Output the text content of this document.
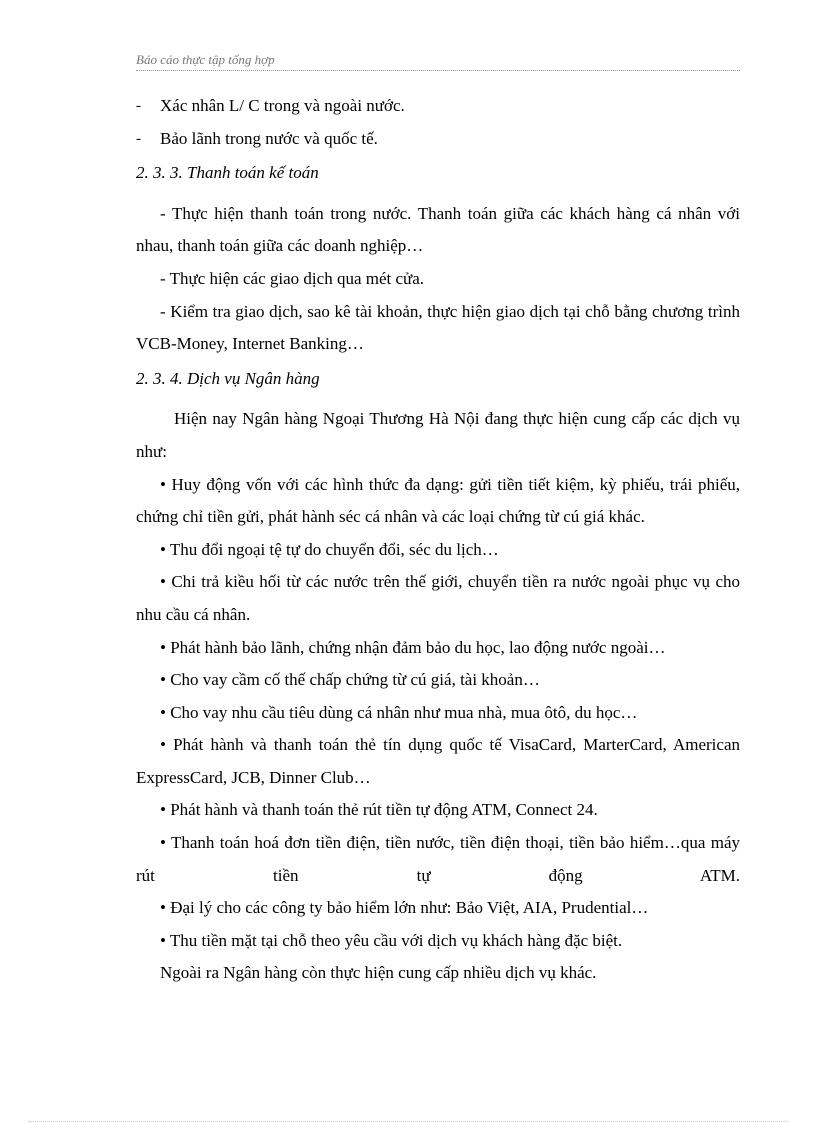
Báo cáo thực tập tổng hợp
- Xác nhân L/ C trong và ngoài nước.
- Bảo lãnh trong nước và quốc tế.
2. 3. 3. Thanh toán kế toán
- Thực hiện thanh toán trong nước. Thanh toán giữa các khách hàng cá nhân với nhau, thanh toán giữa các doanh nghiệp…
- Thực hiện các giao dịch qua mét cửa.
- Kiểm tra giao dịch, sao kê tài khoản, thực hiện giao dịch tại chỗ bằng chương trình VCB-Money, Internet Banking…
2. 3. 4. Dịch vụ Ngân hàng
Hiện nay Ngân hàng Ngoại Thương Hà Nội đang thực hiện cung cấp các dịch vụ như:
• Huy động vốn với các hình thức đa dạng: gửi tiền tiết kiệm, kỳ phiếu, trái phiếu, chứng chỉ tiền gửi, phát hành séc cá nhân và các loại chứng từ cú giá khác.
• Thu đổi ngoại tệ tự do chuyển đổi, séc du lịch…
• Chi trả kiều hối từ các nước trên thế giới, chuyển tiền ra nước ngoài phục vụ cho nhu cầu cá nhân.
• Phát hành bảo lãnh, chứng nhận đảm bảo du học, lao động nước ngoài…
• Cho vay cầm cố thế chấp chứng từ cú giá, tài khoản…
• Cho vay nhu cầu tiêu dùng cá nhân như mua nhà, mua ôtô, du học…
• Phát hành và thanh toán thẻ tín dụng quốc tế VisaCard, MarterCard, American ExpressCard, JCB, Dinner Club…
• Phát hành và thanh toán thẻ rút tiền tự động ATM, Connect 24.
• Thanh toán hoá đơn tiền điện, tiền nước, tiền điện thoại, tiền bảo hiểm…qua máy rút tiền tự động ATM.
• Đại lý cho các công ty bảo hiểm lớn như: Bảo Việt, AIA, Prudential…
• Thu tiền mặt tại chỗ theo yêu cầu với dịch vụ khách hàng đặc biệt.
Ngoài ra Ngân hàng còn thực hiện cung cấp nhiều dịch vụ khác.
